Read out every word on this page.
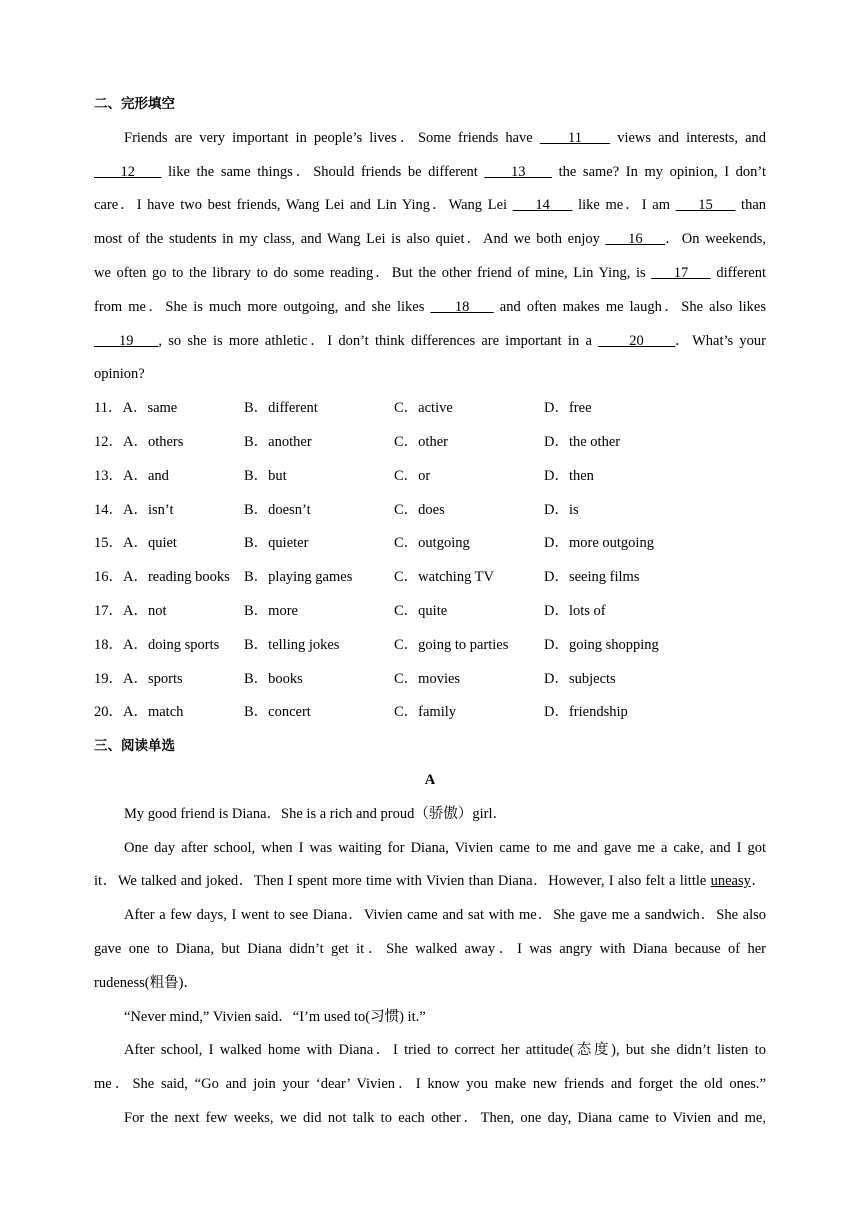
二、完形填空
Friends are very important in people’s lives．Some friends have     11     views and interests, and
12     like the same things．Should friends be different     13     the same? In my opinion, I don’t
care．I have two best friends, Wang Lei and Lin Ying．Wang Lei     14     like me．I am     15     than
most of the students in my class, and Wang Lei is also quiet．And we both enjoy     16    ．On weekends,
we often go to the library to do some reading．But the other friend of mine, Lin Ying, is     17     different
from me．She is much more outgoing, and she likes     18     and often makes me laugh．She also likes
19    , so she is more athletic．I don’t think differences are important in a      20     ．What’s your
opinion?
11．A．same	B．different	C．active	D．free
12．A．others	B．another	C．other	D．the other
13．A．and	B．but	C．or	D．then
14．A．isn’t	B．doesn’t	C．does	D．is
15．A．quiet	B．quieter	C．outgoing	D．more outgoing
16．A．reading books B．playing games	C．watching TV	D．seeing films
17．A．not	B．more	C．quite	D．lots of
18．A．doing sports B．telling jokes	C．going to parties D．going shopping
19．A．sports	B．books	C．movies	D．subjects
20．A．match	B．concert	C．family	D．friendship
三、阅读单选
A
My good friend is Diana．She is a rich and proud（骄傲）girl．
One day after school, when I was waiting for Diana, Vivien came to me and gave me a cake, and I got
it．We talked and joked．Then I spent more time with Vivien than Diana．However, I also felt a little uneasy．
After a few days, I went to see Diana．Vivien came and sat with me．She gave me a sandwich．She also
gave one to Diana, but Diana didn’t get it．She walked away．I was angry with Diana because of her
rudeness(粗鲁)．
“Never mind,” Vivien said．“I’m used to(习惯) it.”
After school, I walked home with Diana．I tried to correct her attitude(态度), but she didn’t listen to
me．She said, “Go and join your ‘dear’ Vivien．I know you make new friends and forget the old ones.”
For the next few weeks, we did not talk to each other．Then, one day, Diana came to Vivien and me,
